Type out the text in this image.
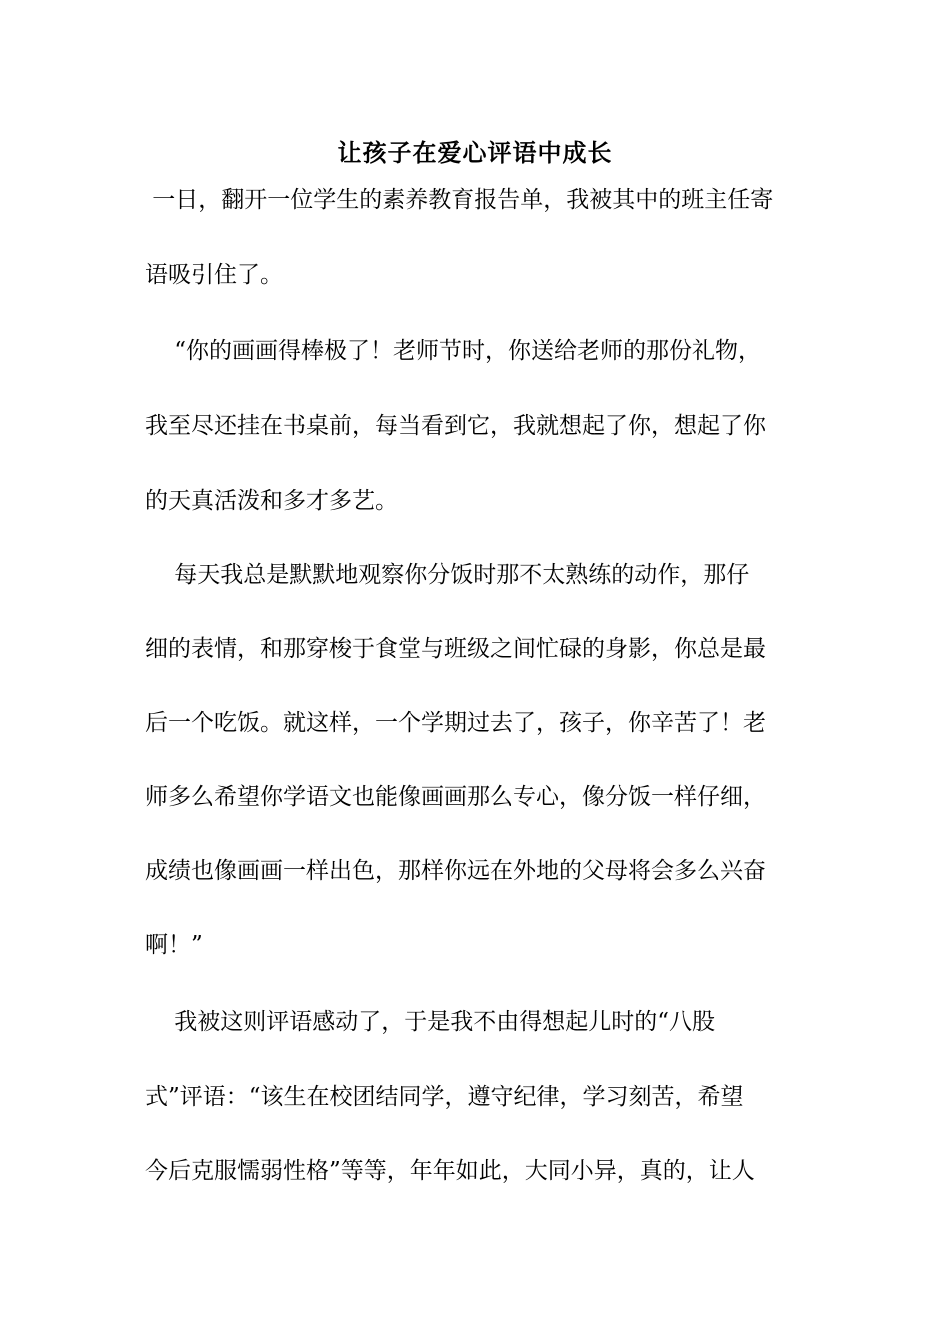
让孩子在爱心评语中成长

一日，翻开一位学生的素养教育报告单，我被其中的班主任寄

语吸引住了。

“你的画画得棒极了！老师节时，你送给老师的那份礼物，

我至尽还挂在书桌前，每当看到它，我就想起了你，想起了你

的天真活泼和多才多艺。

每天我总是默默地观察你分饭时那不太熟练的动作，那仔

细的表情，和那穿梭于食堂与班级之间忙碌的身影，你总是最

后一个吃饭。就这样，一个学期过去了，孩子，你辛苦了！老

师多么希望你学语文也能像画画那么专心，像分饭一样仔细，

成绩也像画画一样出色，那样你远在外地的父母将会多么兴奋

啊！”

我被这则评语感动了，于是我不由得想起儿时的“八股

式”评语：“该生在校团结同学，遵守纪律，学习刻苦，希望

今后克服懦弱性格”等等，年年如此，大同小异，真的，让人
